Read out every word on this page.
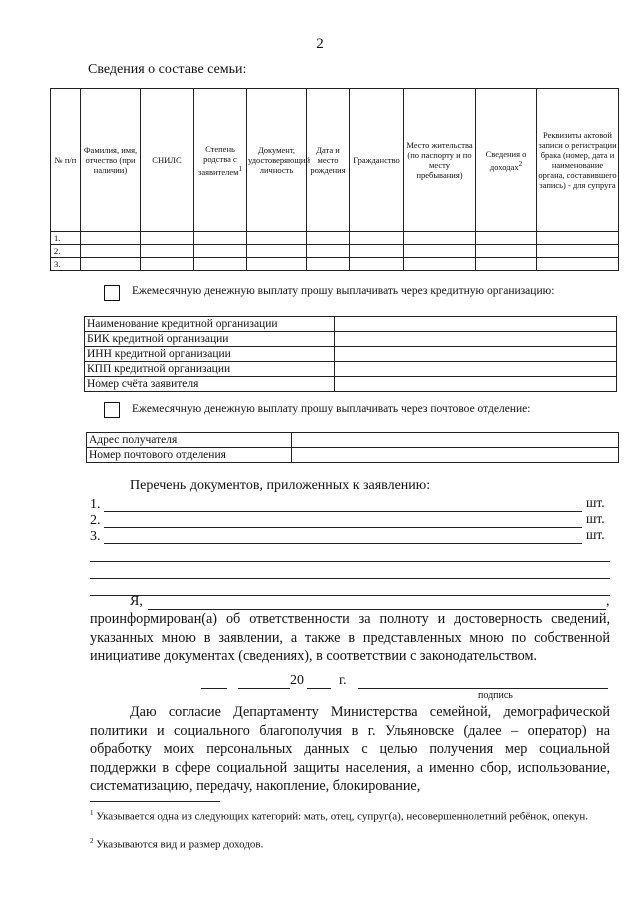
2
Сведения о составе семьи:
№ п/п	Фамилия, имя, отчество (при наличии)	СНИЛС	Степень родства с заявителем$^1$	Документ, удостоверяющий личность	Дата и место рождения	Гражданство	Место жительства (по паспорту и по месту пребывания)	Сведения о доходах$^2$	Реквизиты актовой записи о регистрации брака (номер, дата и наименование органа, составившего запись) - для супруга
1.									
2.									
3.									
Ежемесячную денежную выплату прошу выплачивать через кредитную организацию:
Наименование кредитной организации	
БИК кредитной организации	
ИНН кредитной организации	
КПП кредитной организации	
Номер счёта заявителя	
Ежемесячную денежную выплату прошу выплачивать через почтовое отделение:
Адрес получателя	
Номер почтового отделения	
Перечень документов, приложенных к заявлению:
1.	шт.
2.	шт.
3.	шт.
Я,	,
проинформирован(а) об ответственности за полноту и достоверность сведений, указанных мною в заявлении, а также в представленных мною по собственной инициативе документах (сведениях), в соответствии с законодательством.
20	г.
подпись
Даю согласие Департаменту Министерства семейной, демографической политики и социального благополучия в г. Ульяновске (далее – оператор) на обработку моих персональных данных с целью получения мер социальной поддержки в сфере социальной защиты населения, а именно сбор, использование, систематизацию, передачу, накопление, блокирование,
$^1$ Указывается одна из следующих категорий: мать, отец, супруг(а), несовершеннолетний ребёнок, опекун.
$^2$ Указываются вид и размер доходов.
